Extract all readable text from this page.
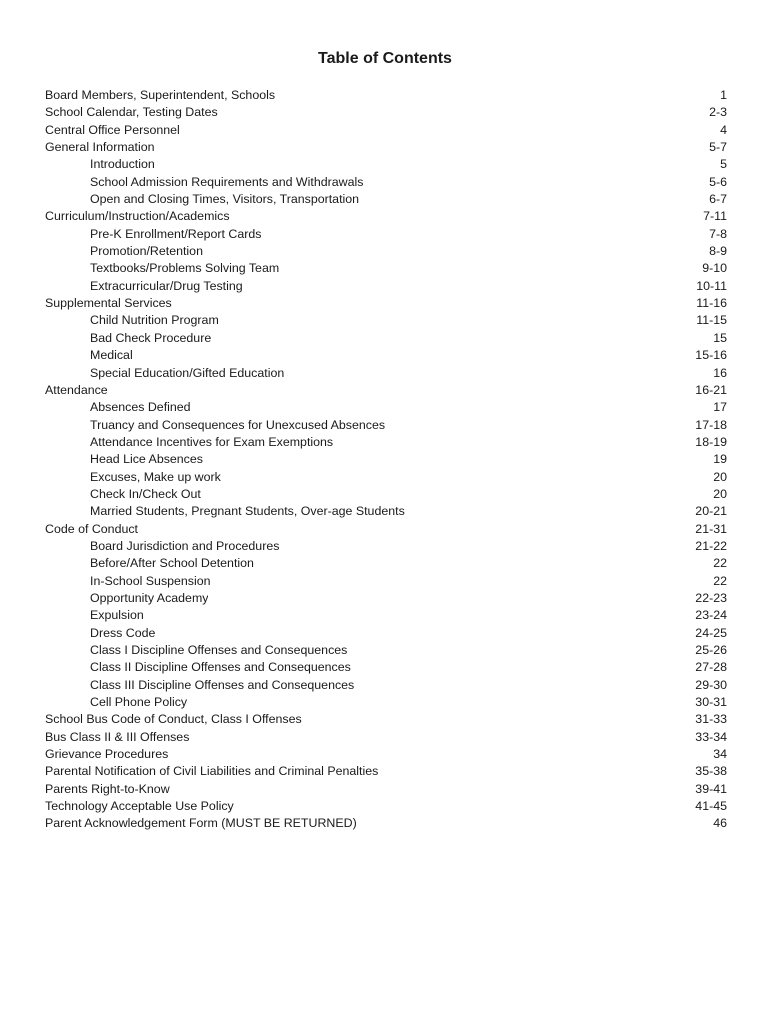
Table of Contents
Board Members, Superintendent, Schools	1
School Calendar, Testing Dates	2-3
Central Office Personnel	4
General Information	5-7
Introduction	5
School Admission Requirements and Withdrawals	5-6
Open and Closing Times, Visitors, Transportation	6-7
Curriculum/Instruction/Academics	7-11
Pre-K Enrollment/Report Cards	7-8
Promotion/Retention	8-9
Textbooks/Problems Solving Team	9-10
Extracurricular/Drug Testing	10-11
Supplemental Services	11-16
Child Nutrition Program	11-15
Bad Check Procedure	15
Medical	15-16
Special Education/Gifted Education	16
Attendance	16-21
Absences Defined	17
Truancy and Consequences for Unexcused Absences	17-18
Attendance Incentives for Exam Exemptions	18-19
Head Lice Absences	19
Excuses, Make up work	20
Check In/Check Out	20
Married Students, Pregnant Students, Over-age Students	20-21
Code of Conduct	21-31
Board Jurisdiction and Procedures	21-22
Before/After School Detention	22
In-School Suspension	22
Opportunity Academy	22-23
Expulsion	23-24
Dress Code	24-25
Class I Discipline Offenses and Consequences	25-26
Class II Discipline Offenses and Consequences	27-28
Class III Discipline Offenses and Consequences	29-30
Cell Phone Policy	30-31
School Bus Code of Conduct, Class I Offenses	31-33
Bus Class II & III Offenses	33-34
Grievance Procedures	34
Parental Notification of Civil Liabilities and Criminal Penalties	35-38
Parents Right-to-Know	39-41
Technology Acceptable Use Policy	41-45
Parent Acknowledgement Form (MUST BE RETURNED)	46
